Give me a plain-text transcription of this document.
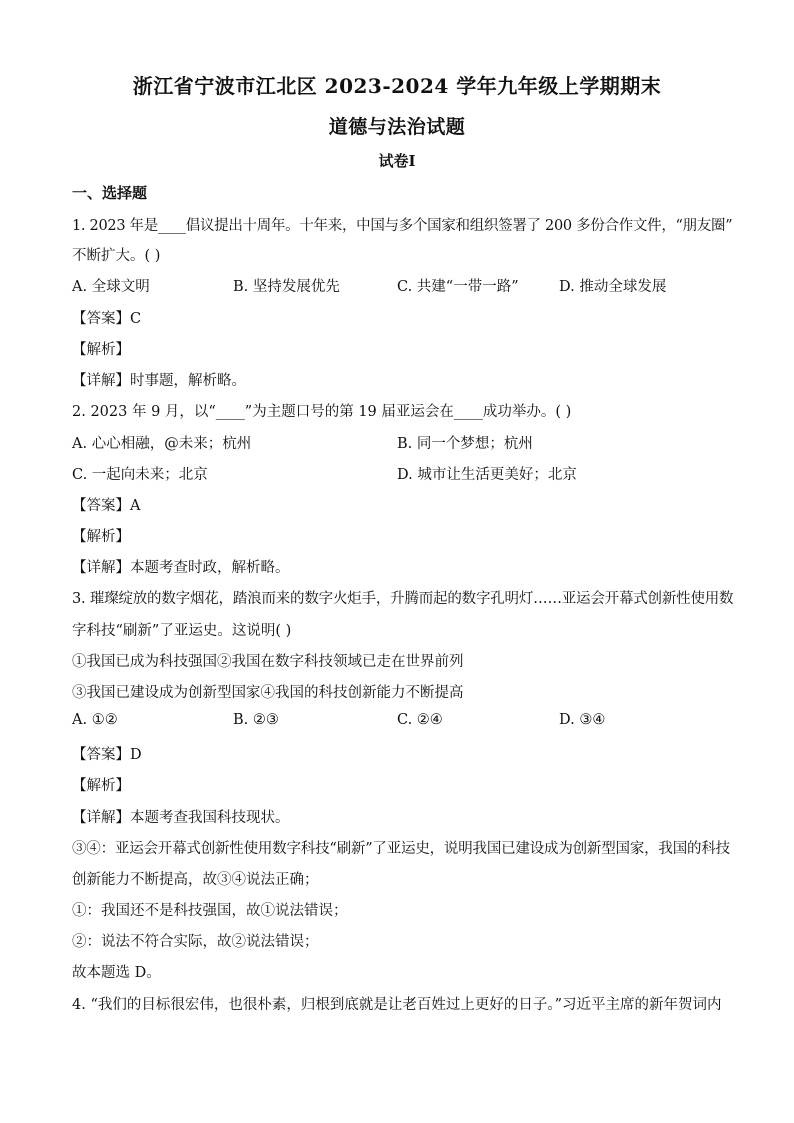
浙江省宁波市江北区 2023-2024 学年九年级上学期期末
道德与法治试题
试卷Ⅰ
一、选择题
1. 2023 年是____倡议提出十周年。十年来，中国与多个国家和组织签署了 200 多份合作文件，“朋友圈”
不断扩大。( )
A. 全球文明	B. 坚持发展优先	C. 共建“一带一路”	D. 推动全球发展
【答案】C
【解析】
【详解】时事题，解析略。
2. 2023 年 9 月，以“____”为主题口号的第 19 届亚运会在____成功举办。( )
A. 心心相融，@未来；杭州	B. 同一个梦想；杭州
C. 一起向未来；北京	D. 城市让生活更美好；北京
【答案】A
【解析】
【详解】本题考查时政，解析略。
3. 璀璨绽放的数字烟花，踏浪而来的数字火炬手，升腾而起的数字孔明灯……亚运会开幕式创新性使用数
字科技“刷新”了亚运史。这说明( )
①我国已成为科技强国②我国在数字科技领域已走在世界前列
③我国已建设成为创新型国家④我国的科技创新能力不断提高
A. ①②	B. ②③	C. ②④	D. ③④
【答案】D
【解析】
【详解】本题考查我国科技现状。
③④：亚运会开幕式创新性使用数字科技“刷新”了亚运史，说明我国已建设成为创新型国家，我国的科技
创新能力不断提高，故③④说法正确；
①：我国还不是科技强国，故①说法错误；
②：说法不符合实际，故②说法错误；
故本题选 D。
4. “我们的目标很宏伟，也很朴素，归根到底就是让老百姓过上更好的日子。”习近平主席的新年贺词内
